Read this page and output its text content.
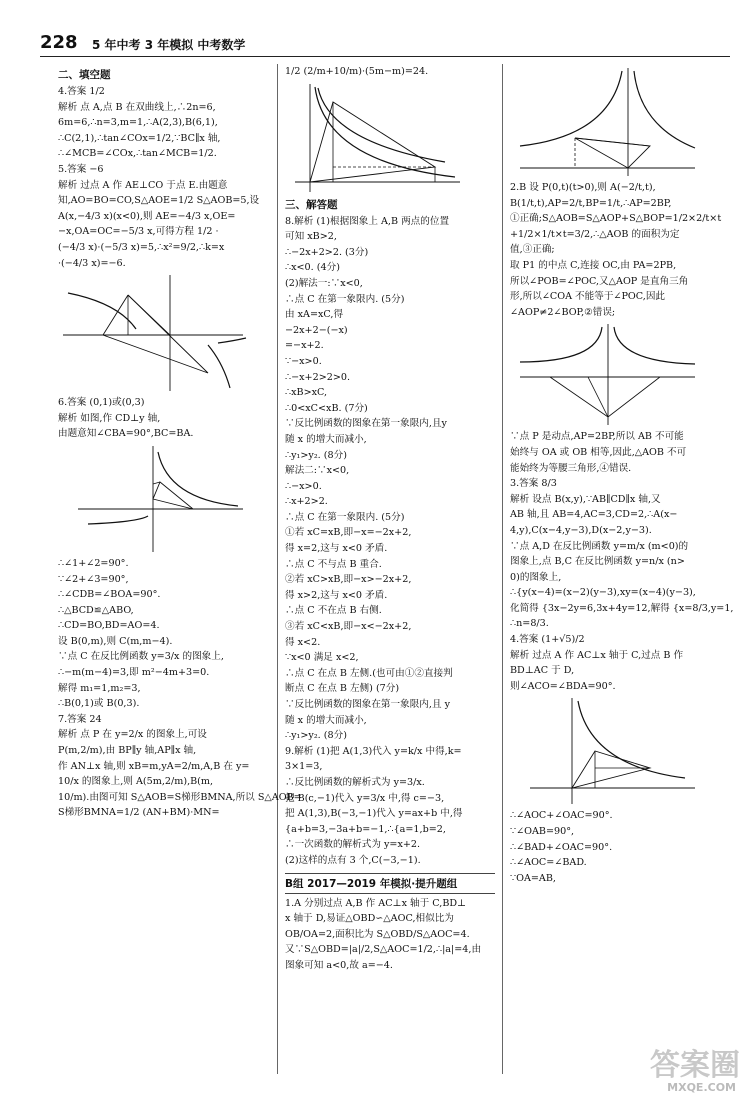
228 5 年中考 3 年模拟 中考数学
二、填空题
4.答案 1/2
解析 点 A,点 B 在双曲线上,∴2n=6,
6m=6,∴n=3,m=1,∴A(2,3),B(6,1),
∴C(2,1),∴tan∠COx=1/2,∵BC∥x 轴,
∴∠MCB=∠COx,∴tan∠MCB=1/2.
5.答案 −6
解析 过点 A 作 AE⊥CO 于点 E.由题意
知,AO=BO=CO,S△AOE=1/2 S△AOB=5,设
A(x,−4/3 x)(x<0),则 AE=−4/3 x,OE=
−x,OA=OC=−5/3 x,可得方程 1/2 ·
(−4/3 x)·(−5/3 x)=5,∴x²=9/2,∴k=x
·(−4/3 x)=−6.
6.答案 (0,1)或(0,3)
解析 如图,作 CD⊥y 轴,
由题意知∠CBA=90°,BC=BA.
∴∠1+∠2=90°.
∵∠2+∠3=90°,
∴∠CDB=∠BOA=90°.
∴△BCD≌△ABO,
∴CD=BO,BD=AO=4.
设 B(0,m),则 C(m,m−4).
∵点 C 在反比例函数 y=3/x 的图象上,
∴−m(m−4)=3,即 m²−4m+3=0.
解得 m₁=1,m₂=3,
∴B(0,1)或 B(0,3).
7.答案 24
解析 点 P 在 y=2/x 的图象上,可设
P(m,2/m),由 BP∥y 轴,AP∥x 轴,
作 AN⊥x 轴,则 xB=m,yA=2/m,A,B 在 y=
10/x 的图象上,则 A(5m,2/m),B(m,
10/m).由图可知 S△AOB=S梯形BMNA,所以 S△AOB=
S梯形BMNA=1/2 (AN+BM)·MN=
1/2 (2/m+10/m)·(5m−m)=24.
三、解答题
8.解析 (1)根据图象上 A,B 两点的位置
可知 xB>2,
∴−2x+2>2. (3分)
∴x<0. (4分)
(2)解法一:∵x<0,
∴点 C 在第一象限内. (5分)
由 xA=xC,得
−2x+2−(−x)
=−x+2.
∵−x>0.
∴−x+2>2>0.
∴xB>xC,
∴0<xC<xB. (7分)
∵反比例函数的图象在第一象限内,且y
随 x 的增大而减小,
∴y₁>y₂. (8分)
解法二:∵x<0,
∴−x>0.
∴x+2>2.
∴点 C 在第一象限内. (5分)
①若 xC=xB,即−x=−2x+2,
得 x=2,这与 x<0 矛盾.
∴点 C 不与点 B 重合.
②若 xC>xB,即−x>−2x+2,
得 x>2,这与 x<0 矛盾.
∴点 C 不在点 B 右侧.
③若 xC<xB,即−x<−2x+2,
得 x<2.
∵x<0 满足 x<2,
∴点 C 在点 B 左侧.(也可由①②直接判
断点 C 在点 B 左侧) (7分)
∵反比例函数的图象在第一象限内,且 y
随 x 的增大而减小,
∴y₁>y₂. (8分)
9.解析 (1)把 A(1,3)代入 y=k/x 中得,k=
3×1=3,
∴反比例函数的解析式为 y=3/x.
把 B(c,−1)代入 y=3/x 中,得 c=−3,
把 A(1,3),B(−3,−1)代入 y=ax+b 中,得
{a+b=3,−3a+b=−1,∴{a=1,b=2,
∴一次函数的解析式为 y=x+2.
(2)这样的点有 3 个,C(−3,−1).
B组 2017—2019 年模拟·提升题组
1.A 分别过点 A,B 作 AC⊥x 轴于 C,BD⊥
x 轴于 D,易证△OBD∽△AOC,相似比为
OB/OA=2,面积比为 S△OBD/S△AOC=4.
又∵S△OBD=|a|/2,S△AOC=1/2,∴|a|=4,由
图象可知 a<0,故 a=−4.
2.B 设 P(0,t)(t>0),则 A(−2/t,t),
B(1/t,t),AP=2/t,BP=1/t,∴AP=2BP,
①正确;S△AOB=S△AOP+S△BOP=1/2×2/t×t
+1/2×1/t×t=3/2,∴△AOB 的面积为定
值,③正确;
取 P1 的中点 C,连接 OC,由 PA=2PB,
所以∠POB=∠POC,又△AOP 是直角三角
形,所以∠COA 不能等于∠POC,因此
∠AOP≠2∠BOP,②错误;
∵点 P 是动点,AP=2BP,所以 AB 不可能
始终与 OA 或 OB 相等,因此,△AOB 不可
能始终为等腰三角形,④错误.
3.答案 8/3
解析 设点 B(x,y),∵AB∥CD∥x 轴,又
AB 轴,且 AB=4,AC=3,CD=2,∴A(x−
4,y),C(x−4,y−3),D(x−2,y−3).
∵点 A,D 在反比例函数 y=m/x (m<0)的
图象上,点 B,C 在反比例函数 y=n/x (n>
0)的图象上,
∴{y(x−4)=(x−2)(y−3),xy=(x−4)(y−3),
化简得 {3x−2y=6,3x+4y=12,解得 {x=8/3,y=1,
∴n=8/3.
4.答案 (1+√5)/2
解析 过点 A 作 AC⊥x 轴于 C,过点 B 作
BD⊥AC 于 D,
则∠ACO=∠BDA=90°.
∴∠AOC+∠OAC=90°.
∵∠OAB=90°,
∴∠BAD+∠OAC=90°.
∴∠AOC=∠BAD.
∵OA=AB,
答案圈
MXQE.COM
